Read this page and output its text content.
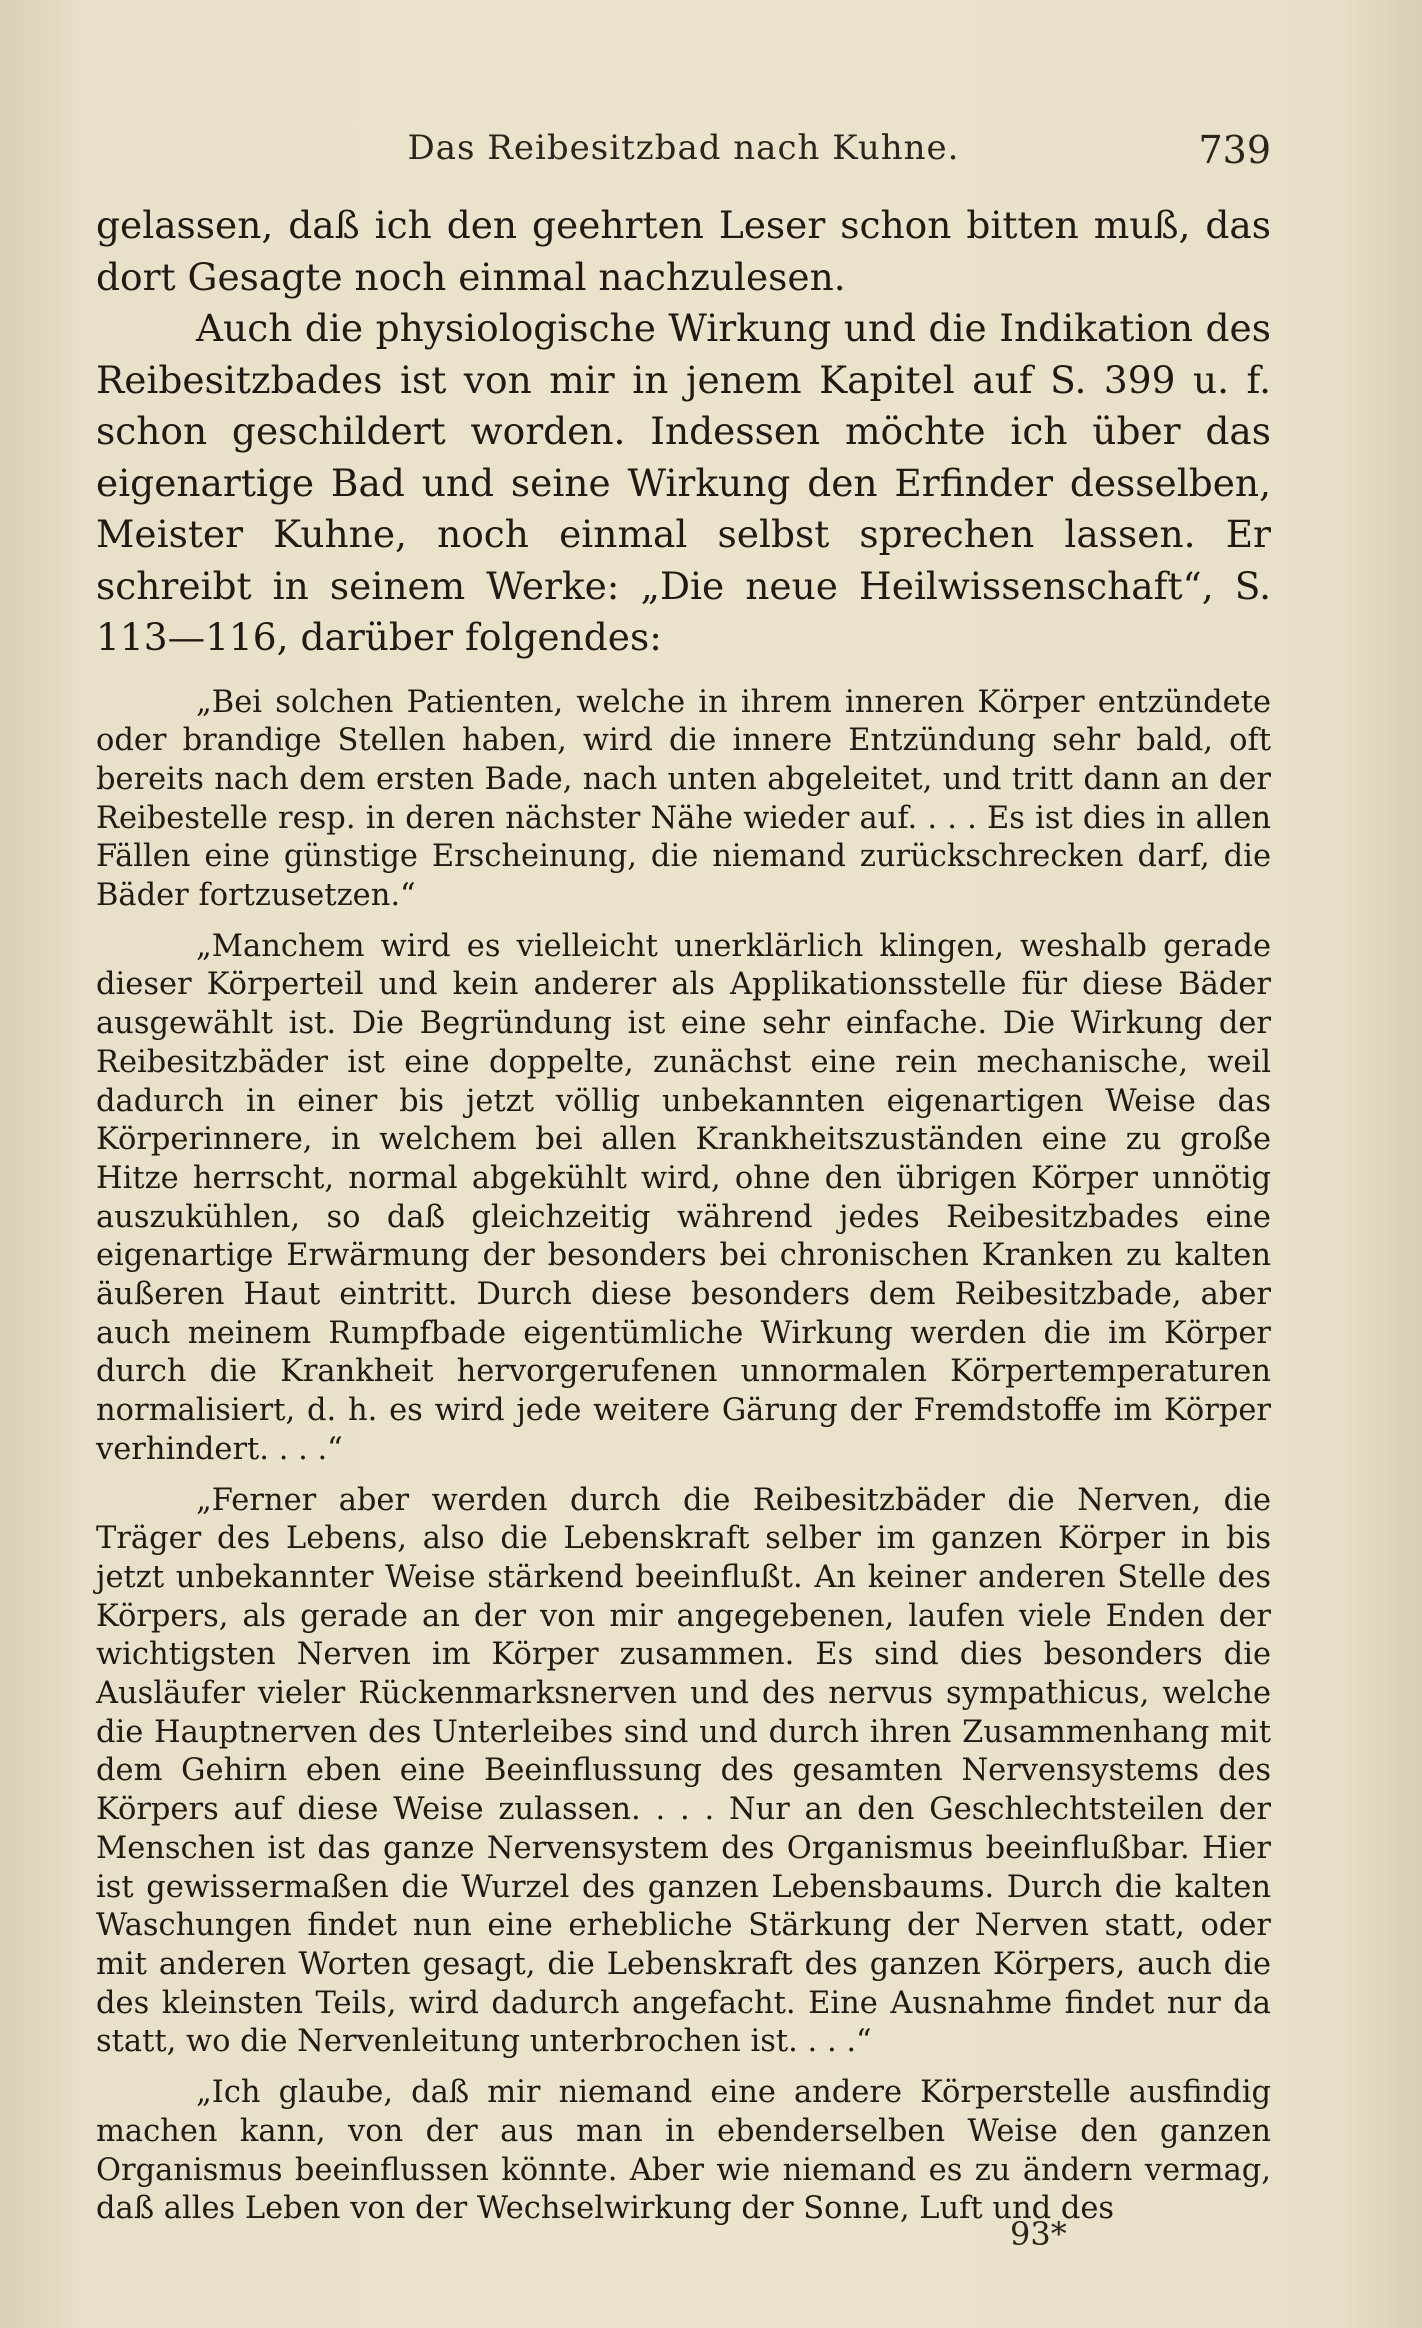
Das Reibesitzbad nach Kuhne.	739

gelassen, daß ich den geehrten Leser schon bitten muß, das dort Gesagte noch einmal nachzulesen.

Auch die physiologische Wirkung und die Indikation des Reibesitzbades ist von mir in jenem Kapitel auf S. 399 u. f. schon geschildert worden. Indessen möchte ich über das eigenartige Bad und seine Wirkung den Erfinder desselben, Meister Kuhne, noch einmal selbst sprechen lassen. Er schreibt in seinem Werke: „Die neue Heilwissenschaft“, S. 113—116, darüber folgendes:

„Bei solchen Patienten, welche in ihrem inneren Körper entzündete oder brandige Stellen haben, wird die innere Entzündung sehr bald, oft bereits nach dem ersten Bade, nach unten abgeleitet, und tritt dann an der Reibestelle resp. in deren nächster Nähe wieder auf. . . . Es ist dies in allen Fällen eine günstige Erscheinung, die niemand zurückschrecken darf, die Bäder fortzusetzen.“

„Manchem wird es vielleicht unerklärlich klingen, weshalb gerade dieser Körperteil und kein anderer als Applikationsstelle für diese Bäder ausgewählt ist. Die Begründung ist eine sehr einfache. Die Wirkung der Reibesitzbäder ist eine doppelte, zunächst eine rein mechanische, weil dadurch in einer bis jetzt völlig unbekannten eigenartigen Weise das Körperinnere, in welchem bei allen Krankheitszuständen eine zu große Hitze herrscht, normal abgekühlt wird, ohne den übrigen Körper unnötig auszukühlen, so daß gleichzeitig während jedes Reibesitzbades eine eigenartige Erwärmung der besonders bei chronischen Kranken zu kalten äußeren Haut eintritt. Durch diese besonders dem Reibesitzbade, aber auch meinem Rumpfbade eigentümliche Wirkung werden die im Körper durch die Krankheit hervorgerufenen unnormalen Körpertemperaturen normalisiert, d. h. es wird jede weitere Gärung der Fremdstoffe im Körper verhindert. . . .“

„Ferner aber werden durch die Reibesitzbäder die Nerven, die Träger des Lebens, also die Lebenskraft selber im ganzen Körper in bis jetzt unbekannter Weise stärkend beeinflußt. An keiner anderen Stelle des Körpers, als gerade an der von mir angegebenen, laufen viele Enden der wichtigsten Nerven im Körper zusammen. Es sind dies besonders die Ausläufer vieler Rückenmarksnerven und des nervus sympathicus, welche die Hauptnerven des Unterleibes sind und durch ihren Zusammenhang mit dem Gehirn eben eine Beeinflussung des gesamten Nervensystems des Körpers auf diese Weise zulassen. . . . Nur an den Geschlechtsteilen der Menschen ist das ganze Nervensystem des Organismus beeinflußbar. Hier ist gewissermaßen die Wurzel des ganzen Lebensbaums. Durch die kalten Waschungen findet nun eine erhebliche Stärkung der Nerven statt, oder mit anderen Worten gesagt, die Lebenskraft des ganzen Körpers, auch die des kleinsten Teils, wird dadurch angefacht. Eine Ausnahme findet nur da statt, wo die Nervenleitung unterbrochen ist. . . .“

„Ich glaube, daß mir niemand eine andere Körperstelle ausfindig machen kann, von der aus man in ebenderselben Weise den ganzen Organismus beeinflussen könnte. Aber wie niemand es zu ändern vermag, daß alles Leben von der Wechselwirkung der Sonne, Luft und des

93*
